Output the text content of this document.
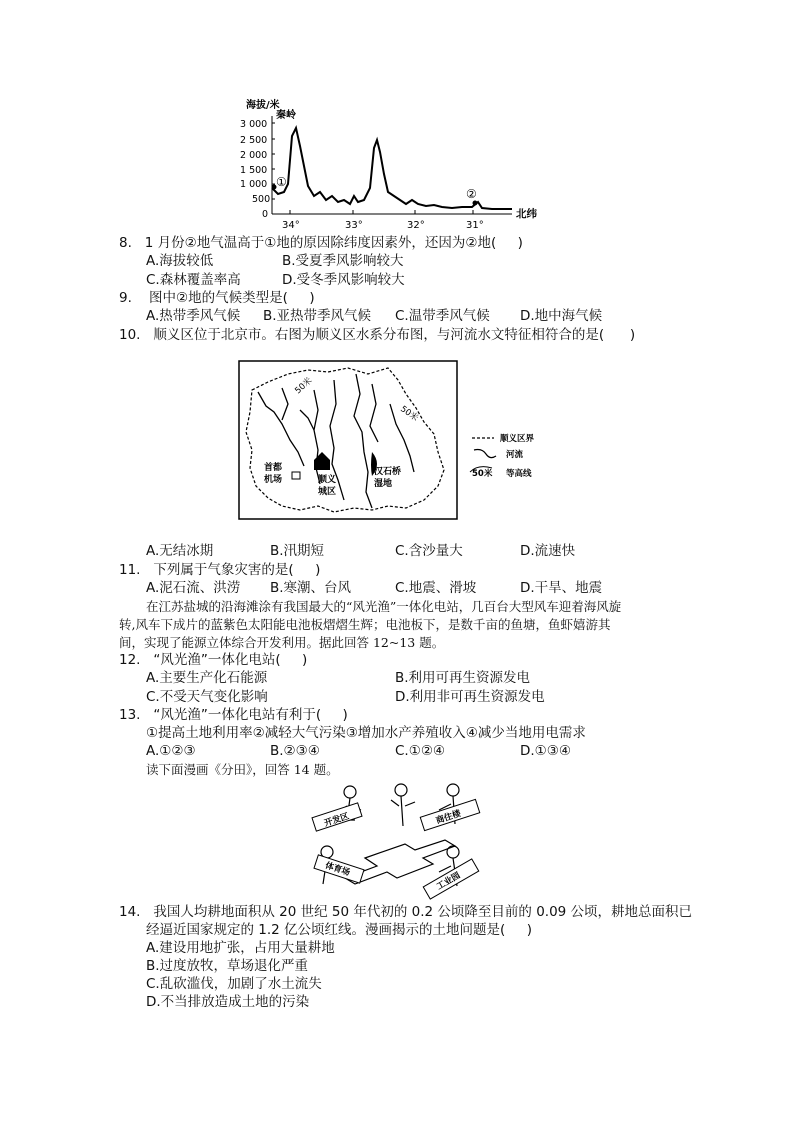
海拔/米
3 000
2 500
2 000
1 500
1 000
500
0
秦岭
①
②
34°	33°	32°	31°
北纬
8.   1 月份②地气温高于①地的原因除纬度因素外，还因为②地(     )
A.海拔较低	B.受夏季风影响较大
C.森林覆盖率高	D.受冬季风影响较大
9.    图中②地的气候类型是(     )
A.热带季风气候 B.亚热带季风气候 C.温带季风气候 D.地中海气候
10.   顺义区位于北京市。右图为顺义区水系分布图，与河流水文特征相符合的是(      )
50米
50米
首都
机场	顺义
城区
汉石桥
湿地
顺义区界
河流
50米 等高线
A.无结冰期	B.汛期短	C.含沙量大	D.流速快
11.   下列属于气象灾害的是(     )
A.泥石流、洪涝 B.寒潮、台风	C.地震、滑坡	D.干旱、地震
在江苏盐城的沿海滩涂有我国最大的“风光渔”一体化电站，几百台大型风车迎着海风旋
转,风车下成片的蓝紫色太阳能电池板熠熠生辉；电池板下，是数千亩的鱼塘，鱼虾嬉游其
间，实现了能源立体综合开发利用。据此回答 12~13 题。
12.   “风光渔”一体化电站(     )
A.主要生产化石能源	B.利用可再生资源发电
C.不受天气变化影响	D.利用非可再生资源发电
13.   “风光渔”一体化电站有利于(     )
①提高土地利用率②减轻大气污染③增加水产养殖收入④减少当地用电需求
A.①②③	B.②③④	C.①②④	D.①③④
读下面漫画《分田》，回答 14 题。
开发区	商住楼
体育场
工业园
14.   我国人均耕地面积从 20 世纪 50 年代初的 0.2 公顷降至目前的 0.09 公顷，耕地总面积已
经逼近国家规定的 1.2 亿公顷红线。漫画揭示的土地问题是(     )
A.建设用地扩张，占用大量耕地
B.过度放牧，草场退化严重
C.乱砍滥伐，加剧了水土流失
D.不当排放造成土地的污染
